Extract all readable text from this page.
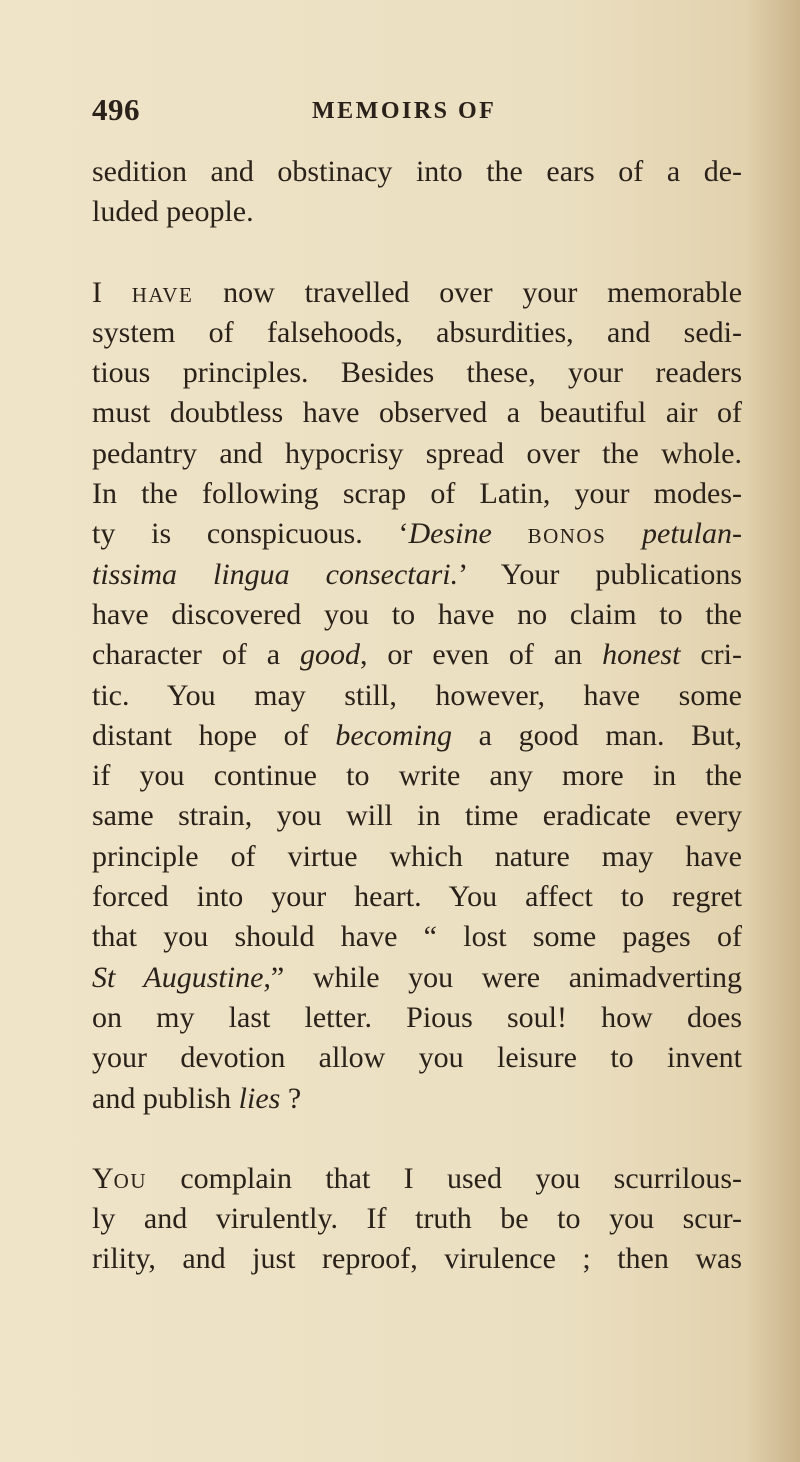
496	MEMOIRS OF
sedition and obstinacy into the ears of a de-
luded people.
I HAVE now travelled over your memorable
system of falsehoods, absurdities, and sedi-
tious principles. Besides these, your readers
must doubtless have observed a beautiful air of
pedantry and hypocrisy spread over the whole.
In the following scrap of Latin, your modes-
ty is conspicuous. ‘Desine BONOS petulan-
tissima lingua consectari.’ Your publications
have discovered you to have no claim to the
character of a good, or even of an honest cri-
tic. You may still, however, have some
distant hope of becoming a good man. But,
if you continue to write any more in the
same strain, you will in time eradicate every
principle of virtue which nature may have
forced into your heart. You affect to regret
that you should have “ lost some pages of
St Augustine,” while you were animadverting
on my last letter. Pious soul! how does
your devotion allow you leisure to invent
and publish lies ?
YOU complain that I used you scurrilous-
ly and virulently. If truth be to you scur-
rility, and just reproof, virulence ; then was
